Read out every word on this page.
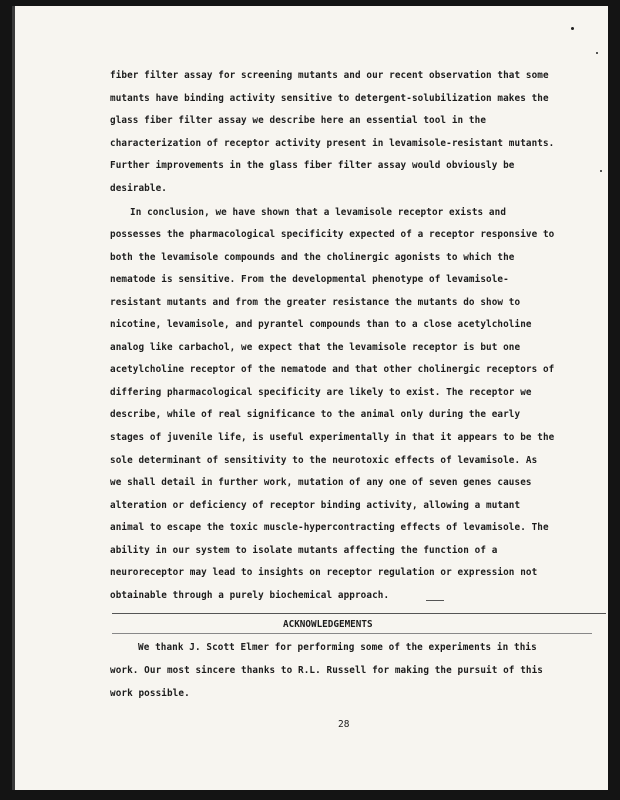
fiber filter assay for screening mutants and our recent observation that some
mutants have binding activity sensitive to detergent-solubilization makes the
glass fiber filter assay we describe here an essential tool in the
characterization of receptor activity present in levamisole-resistant mutants.
Further improvements in the glass fiber filter assay would obviously be
desirable.
In conclusion, we have shown that a levamisole receptor exists and
possesses the pharmacological specificity expected of a receptor responsive to
both the levamisole compounds and the cholinergic agonists to which the
nematode is sensitive. From the developmental phenotype of levamisole-
resistant mutants and from the greater resistance the mutants do show to
nicotine, levamisole, and pyrantel compounds than to a close acetylcholine
analog like carbachol, we expect that the levamisole receptor is but one
acetylcholine receptor of the nematode and that other cholinergic receptors of
differing pharmacological specificity are likely to exist. The receptor we
describe, while of real significance to the animal only during the early
stages of juvenile life, is useful experimentally in that it appears to be the
sole determinant of sensitivity to the neurotoxic effects of levamisole. As
we shall detail in further work, mutation of any one of seven genes causes
alteration or deficiency of receptor binding activity, allowing a mutant
animal to escape the toxic muscle-hypercontracting effects of levamisole. The
ability in our system to isolate mutants affecting the function of a
neuroreceptor may lead to insights on receptor regulation or expression not
obtainable through a purely biochemical approach.
ACKNOWLEDGEMENTS
We thank J. Scott Elmer for performing some of the experiments in this
work. Our most sincere thanks to R.L. Russell for making the pursuit of this
work possible.
28
